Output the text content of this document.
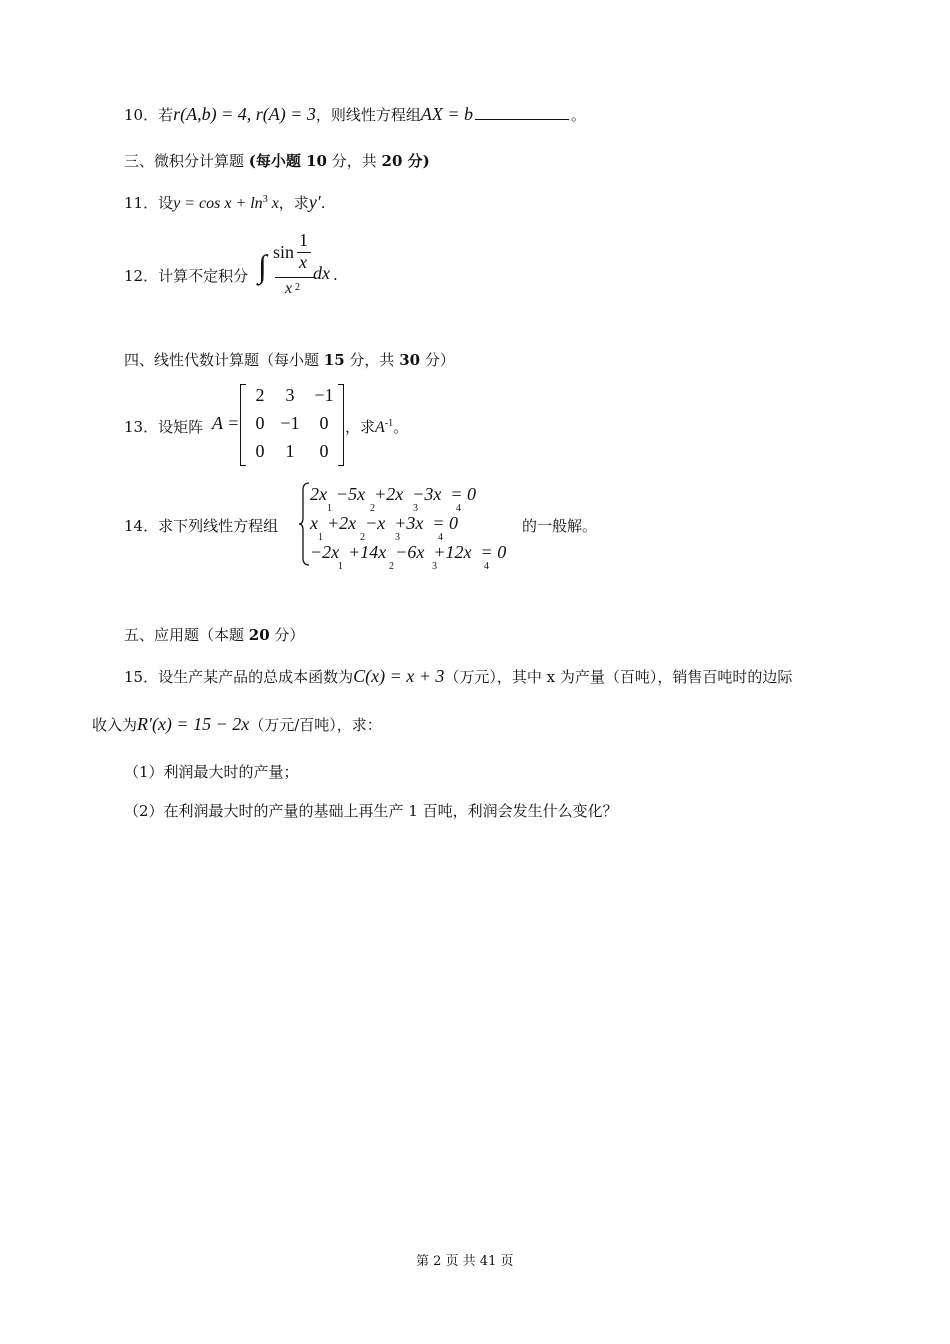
10．若r(A,b) = 4, r(A) = 3，则线性方程组AX = b	。
三、微积分计算题 (每小题 10 分，共 20 分)
11．设$y = \cos x + \ln^3 x$，求y′.
12．计算不定积分 ∫ sin
1
x
x 2
dx .
四、线性代数计算题（每小题 15 分，共 30 分）
13．设矩阵 A =
2	3	−1
0 −1	0
0	1	0
，求$A^{-1}$。
14．求下列线性方程组
2x  −5x  +2x  −3x  = 0
x  +2x  −x  +3x  = 0
−2x  +14x  −6x  +12x  = 0
1	2	3	4
1	2	3	4
1	2	3	4
的一般解。
五、应用题（本题 20 分）
15．设生产某产品的总成本函数为C(x) = x + 3（万元），其中 x 为产量（百吨），销售百吨时的边际
收入为R′(x) = 15 − 2x（万元/百吨），求：
（1）利润最大时的产量；
（2）在利润最大时的产量的基础上再生产 1 百吨，利润会发生什么变化？
第 2 页 共 41 页
